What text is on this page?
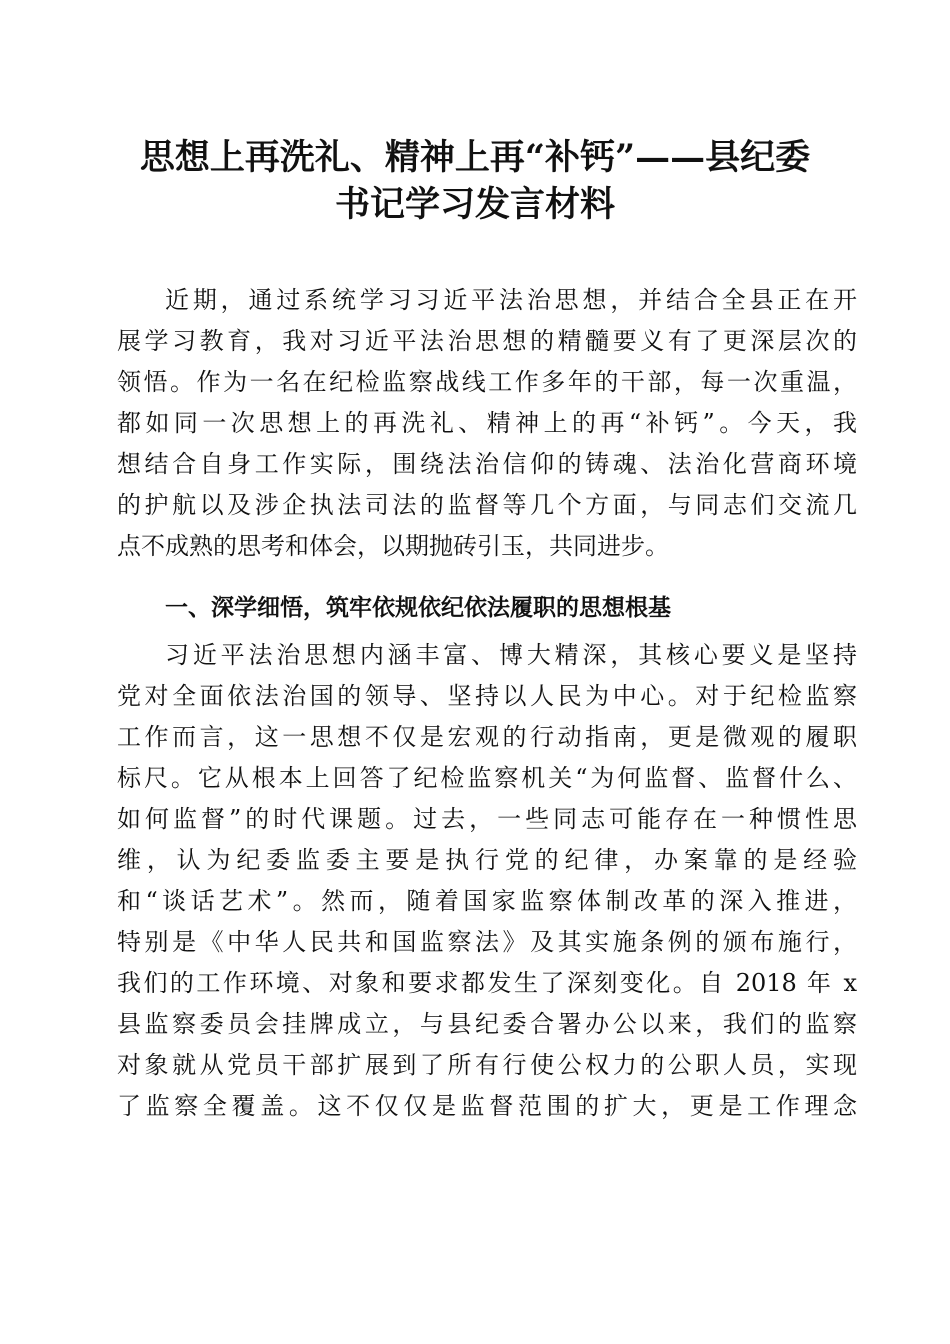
思想上再洗礼、精神上再“补钙”——县纪委
书记学习发言材料

近期，通过系统学习习近平法治思想，并结合全县正在开

展学习教育，我对习近平法治思想的精髓要义有了更深层次的

领悟。作为一名在纪检监察战线工作多年的干部，每一次重温，

都如同一次思想上的再洗礼、精神上的再“补钙”。今天，我

想结合自身工作实际，围绕法治信仰的铸魂、法治化营商环境

的护航以及涉企执法司法的监督等几个方面，与同志们交流几

点不成熟的思考和体会，以期抛砖引玉，共同进步。

一、深学细悟，筑牢依规依纪依法履职的思想根基

习近平法治思想内涵丰富、博大精深，其核心要义是坚持

党对全面依法治国的领导、坚持以人民为中心。对于纪检监察

工作而言，这一思想不仅是宏观的行动指南，更是微观的履职

标尺。它从根本上回答了纪检监察机关“为何监督、监督什么、

如何监督”的时代课题。过去，一些同志可能存在一种惯性思

维，认为纪委监委主要是执行党的纪律，办案靠的是经验

和“谈话艺术”。然而，随着国家监察体制改革的深入推进，

特别是《中华人民共和国监察法》及其实施条例的颁布施行，

我们的工作环境、对象和要求都发生了深刻变化。自 2018 年 x

县监察委员会挂牌成立，与县纪委合署办公以来，我们的监察

对象就从党员干部扩展到了所有行使公权力的公职人员，实现

了监察全覆盖。这不仅仅是监督范围的扩大，更是工作理念
